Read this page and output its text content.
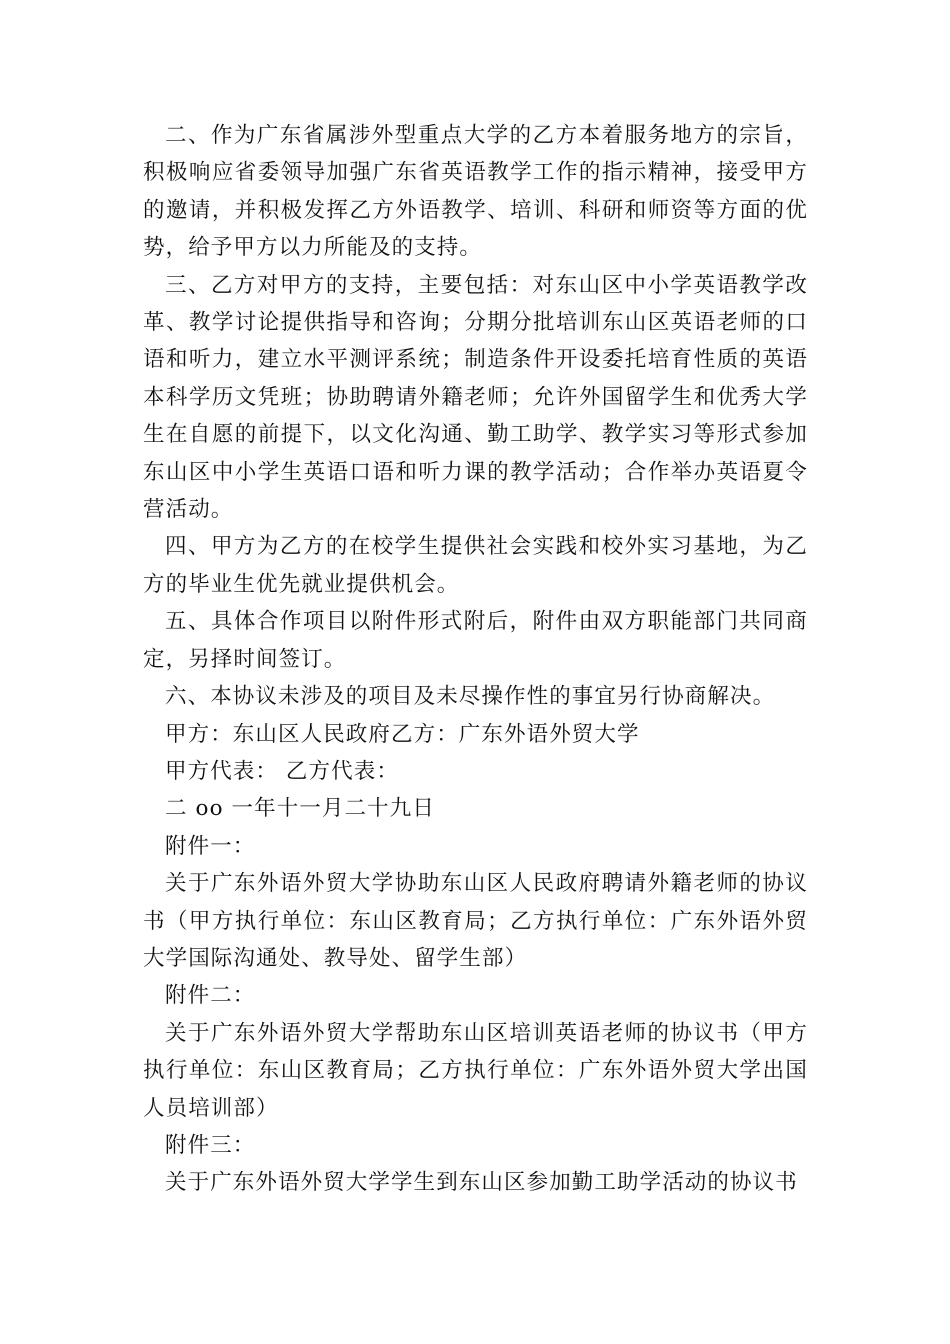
二、作为广东省属涉外型重点大学的乙方本着服务地方的宗旨，积极响应省委领导加强广东省英语教学工作的指示精神，接受甲方的邀请，并积极发挥乙方外语教学、培训、科研和师资等方面的优势，给予甲方以力所能及的支持。

三、乙方对甲方的支持，主要包括：对东山区中小学英语教学改革、教学讨论提供指导和咨询；分期分批培训东山区英语老师的口语和听力，建立水平测评系统；制造条件开设委托培育性质的英语本科学历文凭班；协助聘请外籍老师；允许外国留学生和优秀大学生在自愿的前提下，以文化沟通、勤工助学、教学实习等形式参加东山区中小学生英语口语和听力课的教学活动；合作举办英语夏令营活动。

四、甲方为乙方的在校学生提供社会实践和校外实习基地，为乙方的毕业生优先就业提供机会。

五、具体合作项目以附件形式附后，附件由双方职能部门共同商定，另择时间签订。

六、本协议未涉及的项目及未尽操作性的事宜另行协商解决。

甲方：东山区人民政府乙方：广东外语外贸大学

甲方代表： 乙方代表：

二 oo 一年十一月二十九日

附件一：

关于广东外语外贸大学协助东山区人民政府聘请外籍老师的协议书（甲方执行单位：东山区教育局；乙方执行单位：广东外语外贸大学国际沟通处、教导处、留学生部）

附件二：

关于广东外语外贸大学帮助东山区培训英语老师的协议书（甲方执行单位：东山区教育局；乙方执行单位：广东外语外贸大学出国人员培训部）

附件三：

关于广东外语外贸大学学生到东山区参加勤工助学活动的协议书
